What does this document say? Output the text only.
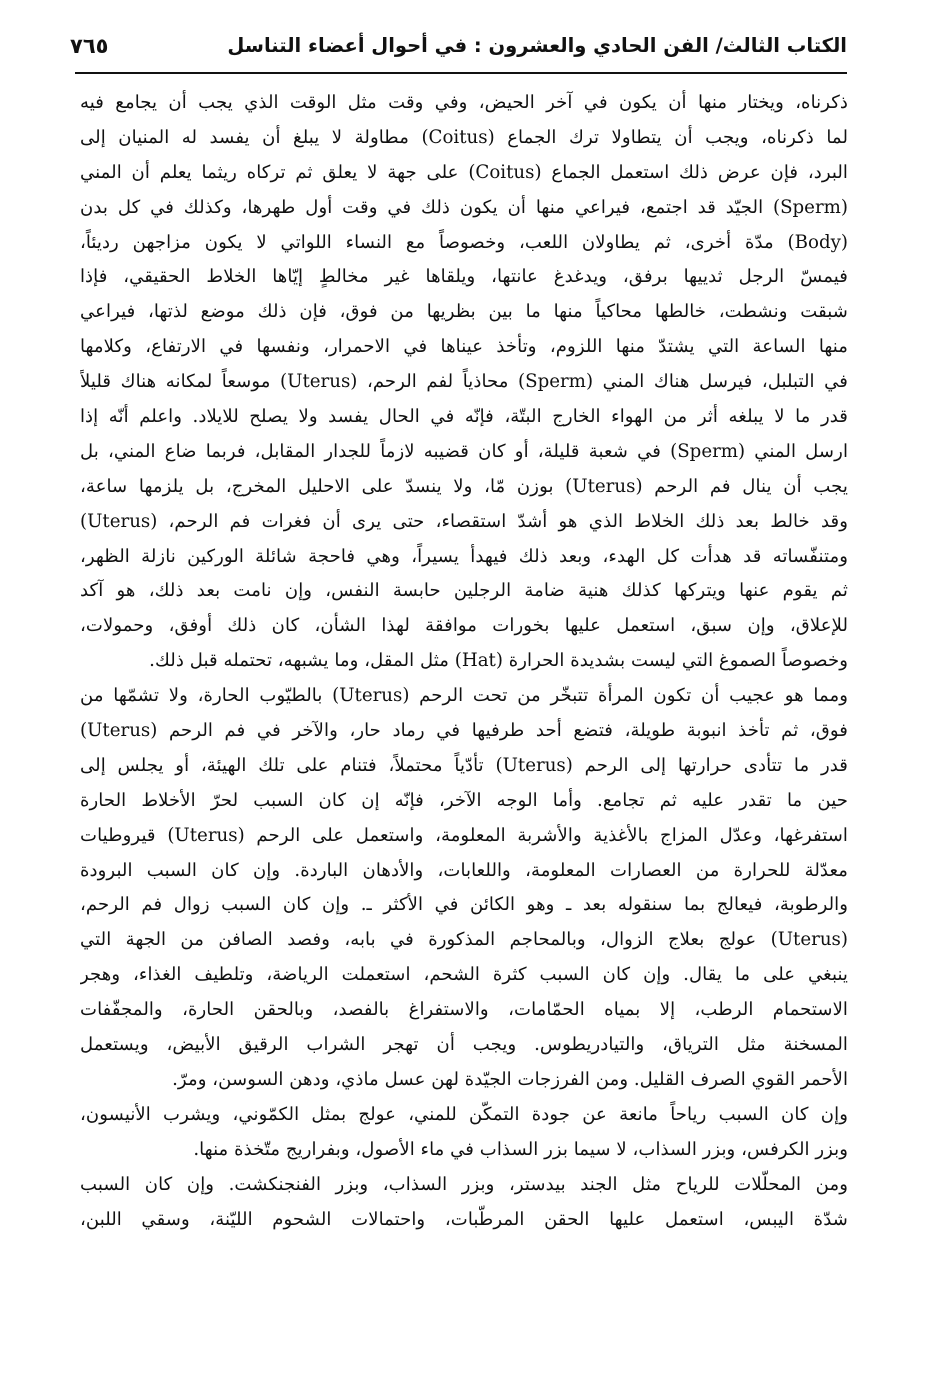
الكتاب الثالث/ الفن الحادي والعشرون : في أحوال أعضاء التناسل
٧٦٥
ذكرناه، ويختار منها أن يكون في آخر الحيض، وفي وقت مثل الوقت الذي يجب أن يجامع فيه
لما ذكرناه، ويجب أن يتطاولا ترك الجماع (Coitus) مطاولة لا يبلغ أن يفسد له المنيان إلى
البرد، فإن عرض ذلك استعمل الجماع (Coitus) على جهة لا يعلق ثم تركاه ريثما يعلم أن المني
(Sperm) الجيّد قد اجتمع، فيراعي منها أن يكون ذلك في وقت أول طهرها، وكذلك في كل بدن
(Body) مدّة أخرى، ثم يطاولان اللعب، وخصوصاً مع النساء اللواتي لا يكون مزاجهن رديئاً،
فيمسّ الرجل ثدييها برفق، ويدغدغ عانتها، ويلقاها غير مخالطٍ إيّاها الخلاط الحقيقي، فإذا
شبقت ونشطت، خالطها محاكياً منها ما بين بظريها من فوق، فإن ذلك موضع لذتها، فيراعي
منها الساعة التي يشتدّ منها اللزوم، وتأخذ عيناها في الاحمرار، ونفسها في الارتفاع، وكلامها
في التبلبل، فيرسل هناك المني (Sperm) محاذياً لفم الرحم، (Uterus) موسعاً لمكانه هناك قليلاً
قدر ما لا يبلغه أثر من الهواء الخارج البتّة، فإنّه في الحال يفسد ولا يصلح للايلاد. واعلم أنّه إذا
ارسل المني (Sperm) في شعبة قليلة، أو كان قضيبه لازماً للجدار المقابل، فربما ضاع المني، بل
يجب أن ينال فم الرحم (Uterus) بوزن مّا، ولا ينسدّ على الاحليل المخرج، بل يلزمها ساعة،
وقد خالط بعد ذلك الخلاط الذي هو أشدّ استقصاء، حتى يرى أن فغرات فم الرحم، (Uterus)
ومتنفّساته قد هدأت كل الهدء، وبعد ذلك فيهدأ يسيراً، وهي فاحجة شائلة الوركين نازلة الظهر،
ثم يقوم عنها ويتركها كذلك هنية ضامة الرجلين حابسة النفس، وإن نامت بعد ذلك، هو آكد
للإعلاق، وإن سبق، استعمل عليها بخورات موافقة لهذا الشأن، كان ذلك أوفق، وحمولات،
وخصوصاً الصموغ التي ليست بشديدة الحرارة (Hat) مثل المقل، وما يشبهه، تحتمله قبل ذلك.
ومما هو عجيب أن تكون المرأة تتبخّر من تحت الرحم (Uterus) بالطيّوب الحارة، ولا تشمّها من
فوق، ثم تأخذ انبوبة طويلة، فتضع أحد طرفيها في رماد حار، والآخر في فم الرحم (Uterus)
قدر ما تتأدى حرارتها إلى الرحم (Uterus) تأدّياً محتملاً، فتنام على تلك الهيئة، أو يجلس إلى
حين ما تقدر عليه ثم تجامع. وأما الوجه الآخر، فإنّه إن كان السبب لحرّ الأخلاط الحارة
استفرغها، وعدّل المزاج بالأغذية والأشربة المعلومة، واستعمل على الرحم (Uterus) قيروطيات
معدّلة للحرارة من العصارات المعلومة، واللعابات، والأدهان الباردة. وإن كان السبب البرودة
والرطوبة، فيعالج بما سنقوله بعد ـ وهو الكائن في الأكثر ـ. وإن كان السبب زوال فم الرحم،
(Uterus) عولج بعلاج الزوال، وبالمحاجم المذكورة في بابه، وفصد الصافن من الجهة التي
ينبغي على ما يقال. وإن كان السبب كثرة الشحم، استعملت الرياضة، وتلطيف الغذاء، وهجر
الاستحمام الرطب، إلا بمياه الحمّامات، والاستفراغ بالفصد، وبالحقن الحارة، والمجفّفات
المسخنة مثل الترياق، والتيادريطوس. ويجب أن تهجر الشراب الرقيق الأبيض، ويستعمل
الأحمر القوي الصرف القليل. ومن الفرزجات الجيّدة لهن عسل ماذي، ودهن السوسن، ومرّ.
وإن كان السبب رياحاً مانعة عن جودة التمكّن للمني، عولج بمثل الكمّوني، ويشرب الأنيسون،
وبزر الكرفس، وبزر السذاب، لا سيما بزر السذاب في ماء الأصول، وبفراريج متّخذة منها.
ومن المحلّلات للرياح مثل الجند بيدستر، وبزر السذاب، وبزر الفنجنكشت. وإن كان السبب
شدّة اليبس، استعمل عليها الحقن المرطّبات، واحتمالات الشحوم الليّنة، وسقي اللبن،
